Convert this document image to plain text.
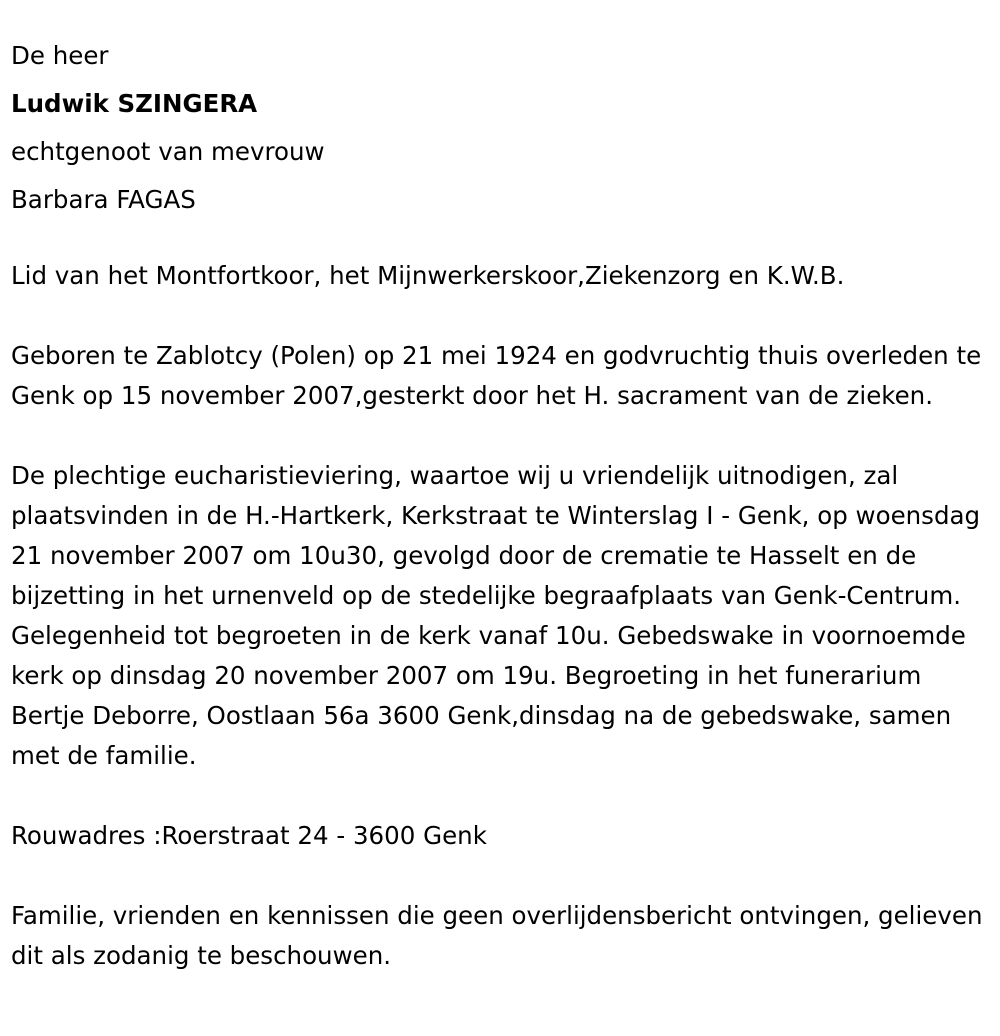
De heer

Ludwik SZINGERA

echtgenoot van mevrouw

Barbara FAGAS

Lid van het Montfortkoor, het Mijnwerkerskoor,Ziekenzorg en K.W.B.

Geboren te Zablotcy (Polen) op 21 mei 1924 en godvruchtig thuis overleden te Genk op 15 november 2007,gesterkt door het H. sacrament van de zieken.

De plechtige eucharistieviering, waartoe wij u vriendelijk uitnodigen, zal plaatsvinden in de H.-Hartkerk, Kerkstraat te Winterslag I - Genk, op woensdag 21 november 2007 om 10u30, gevolgd door de crematie te Hasselt en de bijzetting in het urnenveld op de stedelijke begraafplaats van Genk-Centrum. Gelegenheid tot begroeten in de kerk vanaf 10u. Gebedswake in voornoemde kerk op dinsdag 20 november 2007 om 19u. Begroeting in het funerarium Bertje Deborre, Oostlaan 56a 3600 Genk,dinsdag na de gebedswake, samen met de familie.

Rouwadres :Roerstraat 24 - 3600 Genk

Familie, vrienden en kennissen die geen overlijdensbericht ontvingen, gelieven dit als zodanig te beschouwen.
